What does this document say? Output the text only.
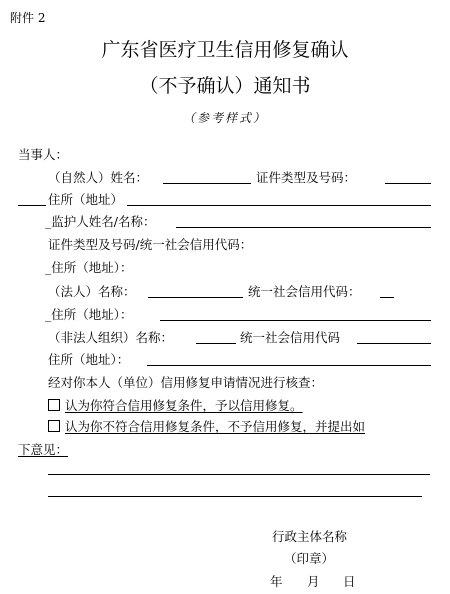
附件 2
广东省医疗卫生信用修复确认
（不予确认）通知书
（参考样式）
当事人：
（自然人）姓名：	证件类型及号码：
住所（地址）
_监护人姓名/名称：
证件类型及号码/统一社会信用代码：
_住所（地址）：
（法人）名称：	统一社会信用代码：
_住所（地址）：
（非法人组织）名称：	统一社会信用代码
住所（地址）：
经对你本人（单位）信用修复申请情况进行核查：
认为你符合信用修复条件，予以信用修复。
认为你不符合信用修复条件，不予信用修复，并提出如
下意见：
行政主体名称
（印章）
年 月 日
